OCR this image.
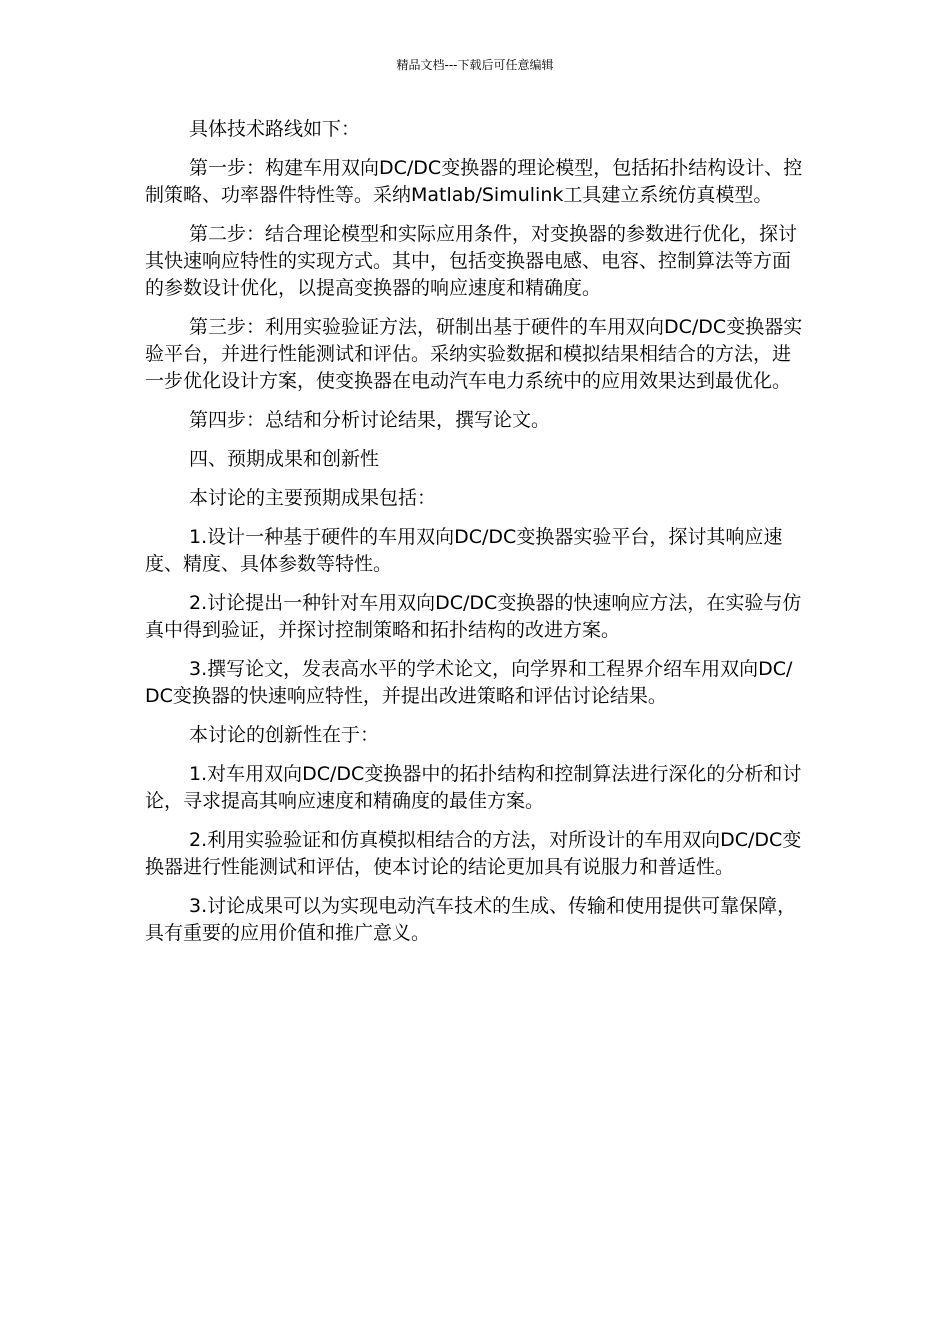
精品文档---下载后可任意编辑

具体技术路线如下：

第一步：构建车用双向DC/DC变换器的理论模型，包括拓扑结构设计、控制策略、功率器件特性等。采纳Matlab/Simulink工具建立系统仿真模型。

第二步：结合理论模型和实际应用条件，对变换器的参数进行优化，探讨其快速响应特性的实现方式。其中，包括变换器电感、电容、控制算法等方面的参数设计优化，以提高变换器的响应速度和精确度。

第三步：利用实验验证方法，研制出基于硬件的车用双向DC/DC变换器实验平台，并进行性能测试和评估。采纳实验数据和模拟结果相结合的方法，进一步优化设计方案，使变换器在电动汽车电力系统中的应用效果达到最优化。

第四步：总结和分析讨论结果，撰写论文。

四、预期成果和创新性

本讨论的主要预期成果包括：

1.设计一种基于硬件的车用双向DC/DC变换器实验平台，探讨其响应速度、精度、具体参数等特性。

2.讨论提出一种针对车用双向DC/DC变换器的快速响应方法，在实验与仿真中得到验证，并探讨控制策略和拓扑结构的改进方案。

3.撰写论文，发表高水平的学术论文，向学界和工程界介绍车用双向DC/DC变换器的快速响应特性，并提出改进策略和评估讨论结果。

本讨论的创新性在于：

1.对车用双向DC/DC变换器中的拓扑结构和控制算法进行深化的分析和讨论，寻求提高其响应速度和精确度的最佳方案。

2.利用实验验证和仿真模拟相结合的方法，对所设计的车用双向DC/DC变换器进行性能测试和评估，使本讨论的结论更加具有说服力和普适性。

3.讨论成果可以为实现电动汽车技术的生成、传输和使用提供可靠保障，具有重要的应用价值和推广意义。
